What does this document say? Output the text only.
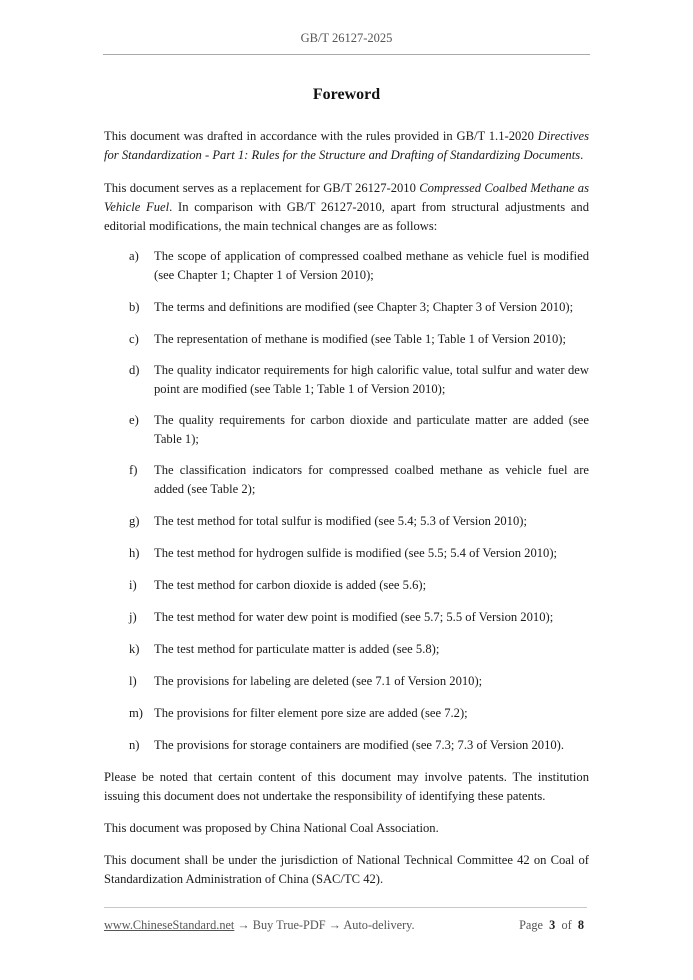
GB/T 26127-2025
Foreword

This document was drafted in accordance with the rules provided in GB/T 1.1-2020 Directives for Standardization - Part 1: Rules for the Structure and Drafting of Standardizing Documents.

This document serves as a replacement for GB/T 26127-2010 Compressed Coalbed Methane as Vehicle Fuel. In comparison with GB/T 26127-2010, apart from structural adjustments and editorial modifications, the main technical changes are as follows:

a) The scope of application of compressed coalbed methane as vehicle fuel is modified (see Chapter 1; Chapter 1 of Version 2010);
b) The terms and definitions are modified (see Chapter 3; Chapter 3 of Version 2010);
c) The representation of methane is modified (see Table 1; Table 1 of Version 2010);
d) The quality indicator requirements for high calorific value, total sulfur and water dew point are modified (see Table 1; Table 1 of Version 2010);
e) The quality requirements for carbon dioxide and particulate matter are added (see Table 1);
f) The classification indicators for compressed coalbed methane as vehicle fuel are added (see Table 2);
g) The test method for total sulfur is modified (see 5.4; 5.3 of Version 2010);
h) The test method for hydrogen sulfide is modified (see 5.5; 5.4 of Version 2010);
i) The test method for carbon dioxide is added (see 5.6);
j) The test method for water dew point is modified (see 5.7; 5.5 of Version 2010);
k) The test method for particulate matter is added (see 5.8);
l) The provisions for labeling are deleted (see 7.1 of Version 2010);
m) The provisions for filter element pore size are added (see 7.2);
n) The provisions for storage containers are modified (see 7.3; 7.3 of Version 2010).

Please be noted that certain content of this document may involve patents. The institution issuing this document does not undertake the responsibility of identifying these patents.

This document was proposed by China National Coal Association.

This document shall be under the jurisdiction of National Technical Committee 42 on Coal of Standardization Administration of China (SAC/TC 42).

www.ChineseStandard.net → Buy True-PDF → Auto-delivery.	Page 3 of 8
